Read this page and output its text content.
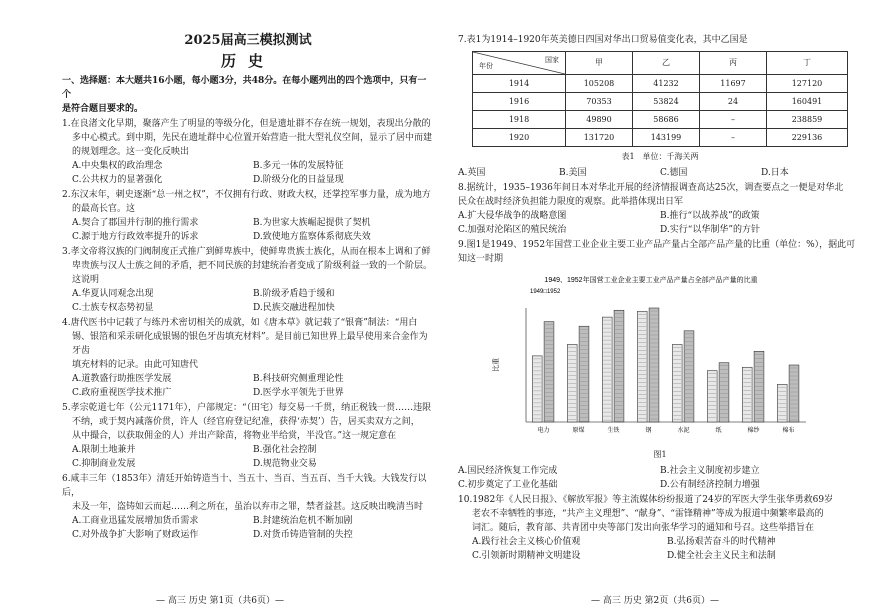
2025届高三模拟测试
历史
一、选择题：本大题共16小题，每小题3分，共48分。在每小题列出的四个选项中，只有一个
是符合题目要求的。
1.在良渚文化早期，聚落产生了明显的等级分化，但是遗址群不存在统一规划，表现出分散的
多中心模式。到中期，先民在遗址群中心位置开始营造一批大型礼仪空间，显示了居中而建
的规划理念。这一变化反映出
A.中央集权的政治理念	B.多元一体的发展特征
C.公共权力的显著强化	D.阶级分化的日益显现
2.东汉末年，刺史逐渐“总一州之权”，不仅拥有行政、财政大权，还掌控军事力量，成为地方
的最高长官。这
A.契合了郡国并行制的推行需求	B.为世家大族崛起提供了契机
C.源于地方行政效率提升的诉求	D.致使地方监察体系彻底失效
3.孝文帝将汉族的门阀制度正式推广到鲜卑族中，使鲜卑贵族士族化，从而在根本上调和了鲜
卑贵族与汉人士族之间的矛盾，把不同民族的封建统治者变成了阶级利益一致的一个阶层。
这说明
A.华夏认同观念出现	B.阶级矛盾趋于缓和
C.士族专权态势初显	D.民族交融进程加快
4.唐代医书中记载了与练丹术密切相关的成就，如《唐本草》就记载了“银膏”制法：“用白
锡、银箔和采汞研化成银锡的银色牙齿填充材料”。是目前已知世界上最早使用来合金作为牙齿
填充材料的记录。由此可知唐代
A.道教盛行助推医学发展	B.科技研究侧重理论性
C.政府重视医学技术推广	D.医学水平领先于世界
5.孝宗乾道七年（公元1171年），户部规定：“（田宅）每交易一千贯，纳正税钱一贯……违限
不纳，或于契内减落价贯，许人（经官府登记纪准，获得‘赤契’）告，居买卖双方之间，
从中撮合，以获取佣金的人）并出产除苗，将物业半给赏，半没官。”这一规定意在
A.限制土地兼并	B.强化社会控制
C.抑制商业发展	D.规范物业交易
6.咸丰三年（1853年）清廷开始铸造当十、当五十、当百、当五百、当千大钱。大钱发行以后，
未及一年，盗铸如云而起……利之所在，虽治以弃市之罪，禁者益甚。这反映出晚清当时
A.工商业迅猛发展增加货币需求	B.封建统治危机不断加剧
C.对外战争扩大影响了财政运作	D.对货币铸造管制的失控
— 高三 历史 第1页（共6页）—
7.表1为1914–1920年英美德日四国对华出口贸易值变化表，其中乙国是
国家
年份	甲	乙	丙	丁
1914	105208	41232	11697	127120
1916	70353	53824	24	160491
1918	49890	58686	–	238859
1920	131720	143199	–	229136
表1　单位：千海关两
A.英国	B.美国	C.德国	D.日本
8.据统计，1935–1936年间日本对华北开展的经济情报调查高达25次，调查要点之一便是对华北
民众在战时经济负担能力限度的观察。此举措体现出日军
A.扩大侵华战争的战略意图	B.推行“以战养战”的政策
C.加强对沦陷区的殖民统治	D.实行“以华制华”的方针
9.图1是1949、1952年国营工业企业主要工业产品产量占全部产品产量的比重（单位：%），据此可
知这一时期
1949、1952年国营工业企业主要工业产品产量占全部产品产量的比重
1949□1952
比重
电力	原煤	生铁	钢	水泥	纸	棉纱	棉布
图1
A.国民经济恢复工作完成	B.社会主义制度初步建立
C.初步奠定了工业化基础	D.公有制经济控制力增强
10.1982年《人民日报》、《解放军报》等主流媒体纷纷报道了24岁的军医大学生张华勇救69岁
老农不幸牺牲的事迹，“共产主义理想”、“献身”、“雷锋精神”等成为报道中频繁率最高的
词汇。随后，教育部、共青团中央等部门发出向张华学习的通知和号召。这些举措旨在
A.践行社会主义核心价值观	B.弘扬艰苦奋斗的时代精神
C.引领新时期精神文明建设	D.健全社会主义民主和法制
— 高三 历史 第2页（共6页）—
